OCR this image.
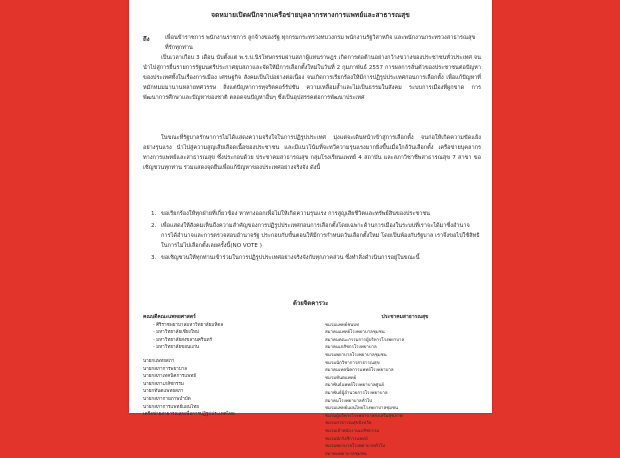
จดหมายเปิดผนึกจากเครือข่ายบุคลากรทางการแพทย์และสาธารณสุข
ถึง	เพื่อนข้าราชการ พนักงานราชการ ลูกจ้างของรัฐ ทุกกรมกระทรวงทบวงกรม พนักงานรัฐวิสาหกิจ และพนักงานกระทรวงสาธารณสุขที่รักทุกท่าน
เป็นเวลาเกือบ 3 เดือน นับตั้งแต่ พ.ร.บ.นิรโทษกรรมผ่านสภาผู้แทนราษฎร เกิดการต่อต้านอย่างกว้างขวางของประชาชนทั่วประเทศ จนนำไปสู่การยื่นรายการรัฐมนตรีประกาศยุบสภาและจัดให้มีการเลือกตั้งใหม่ในวันที่ 2 กุมภาพันธ์ 2557 การผลการลั่นตัวของประชาชนต่อปัญหาของประเทศทั้งในเรื่องการเมือง เศรษฐกิจ สังคมเป็นไปอย่างต่อเนื่อง จนเกิดการเรียกร้องให้มีการปฏิรูปประเทศก่อนการเลือกตั้ง เพื่อแก้ปัญหาที่หมักหมมมานานหลายทศวรรษ สิ่งแต่ปัญหาการทุจริตคอร์รัปชัน ความเหลื่อมล้ำและไม่เป็นธรรมในสังคม ระบบการเมืองที่ผูกขาด การพัฒนาการศึกษาและปัญหาของชาติ ตลอดจนปัญหาอื่นๆ ซึ่งเป็นอุปสรรคต่อการพัฒนาประเทศ
ในขณะที่รัฐบาลรักษาการไม่ได้แสดงความจริงใจในการปฏิรูปประเทศ มุ่งแต่จะเดินหน้าเข้าสู่การเลือกตั้ง จนก่อให้เกิดความขัดแย้งอย่างรุนแรง นำไปสู่ความสูญเสียเลือดเนื้อของประชาชน และมีแนวโน้มที่จะทวีความรุนแรงมากยิ่งขึ้นเมื่อใกล้วันเลือกตั้ง เครือข่ายบุคลากรทางการแพทย์และสาธารณสุข ซึ่งประกอบด้วย ประชาคมสาธารณสุข กลุ่มโรงเรียนแพทย์ 4 สถาบัน และสภาวิชาชีพสาธารณสุข 7 สาขา ขอเชิญชวนทุกท่าน ร่วมแสดงจุดยืนเพื่อแก้ปัญหาของประเทศอย่างจริงจัง ดังนี้
1. ขอเรียกร้องให้ทุกฝ่ายที่เกี่ยวข้อง หาทางออกเพื่อไม่ให้เกิดความรุนแรง การสูญเสียชีวิตและทรัพย์สินของประชาชน
2. เพื่อแสดงให้สังคมเห็นถึงความสำคัญของการปฏิรูปประเทศก่อนการเลือกตั้งโดยเฉพาะด้านการเมืองในระบบที่เราจะได้มาซึ่งอำนาจ การได้อำนาจและการตรวจสอบอำนาจรัฐ ประกอบกับขั้นตอนให้มีการกำหนดวันเลือกตั้งใหม่ โดยเป็นพ้องกับรัฐบาล เราจึงขอไปใช้สิทธิในการไม่ไปเลือกตั้งเลยครั้งนี้(NO VOTE )
3. ขอเชิญชวนให้ทุกท่านเข้าร่วมในการปฏิรูปประเทศอย่างจริงจังกับทุกภาคส่วน ซึ่งทำสิ่งดำเนินการอยู่ในขณะนี้
ด้วยจิตคารวะ
คณบดีคณะแพทยศาสตร์
- ศิริราชพยาบาลมหาวิทยาลัยมหิดล
- มหาวิทยาลัยเชียงใหม่
- มหาวิทยาลัยสงขลานครินทร์
- มหาวิทยาลัยขอนแก่น
นายกแพทยสภา
นายกสภาการพยาบาล
นายกสภาเทคนิคการแพทย์
นายกสภาเภสัชกรรม
นายกทันตแพทยสภา
นายกสภากายภาพบำบัด
นายกสภาการแพทย์แผนไทย
เครือข่ายสาธารณสุขเพื่อการปฏิรูปประเทศไทย
ประชาคมสาธารณสุข
ชมรมแพทย์ชนบท
สมาคมแพทย์โรงพยาบาลชุมชน
สมาคมคณะกรรมการผู้บริหารโรงพยาบาล
สมาคมเภสัชกรโรงพยาบาล
ชมรมพยาบาลโรงพยาบาลชุมชน
ชมรมนักวิชาการสาธารณสุข
สมาคมเทคนิคการแพทย์โรงพยาบาล
ชมรมทันตแพทย์
สมาพันธ์แพทย์โรงพยาบาลศูนย์
สมาพันธ์ผู้อำนวยการโรงพยาบาล
สมาคมโรงพยาบาลทั่วไป
ชมรมแพทย์แผนไทยโรงพยาบาลชุมชน
ชมรมผู้บริหารโรงพยาบาลส่งเสริมสุขภาพ
ชมรมสาธารณสุขจังหวัด
ชมรมเจ้าพนักงานเภสัชกรรม
ชมรมนักรังสีการแพทย์
ชมรมพยาบาลโรงพยาบาลทั่วไป
สมาคมพยาบาลชุมชน
